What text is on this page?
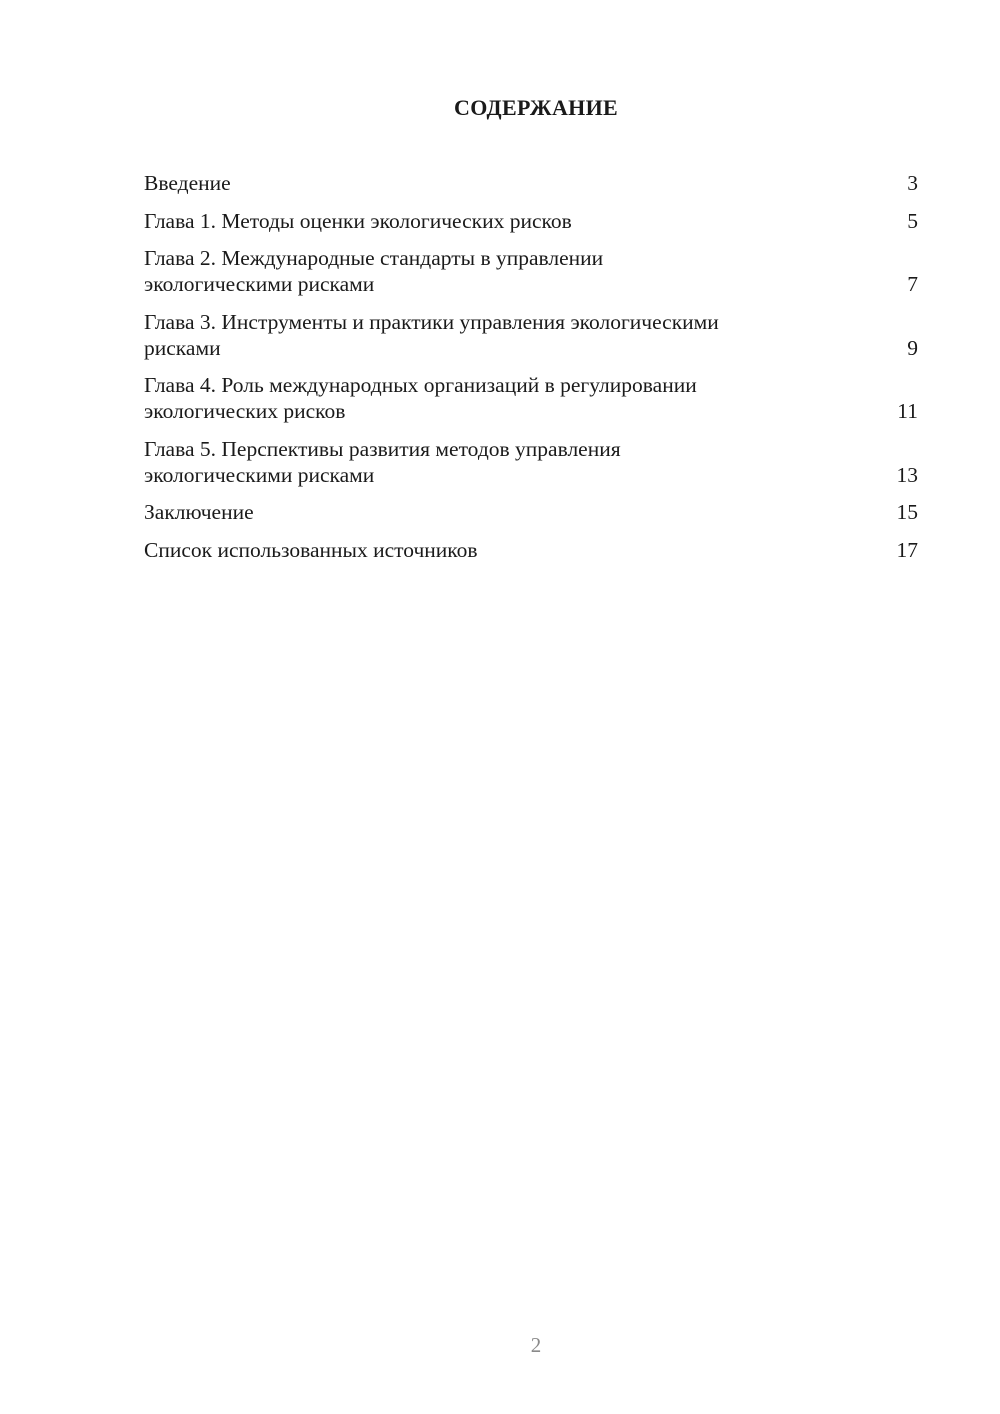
СОДЕРЖАНИЕ
Введение	3
Глава 1. Методы оценки экологических рисков	5
Глава 2. Международные стандарты в управлении
экологическими рисками	7
Глава 3. Инструменты и практики управления экологическими
рисками	9
Глава 4. Роль международных организаций в регулировании
экологических рисков	11
Глава 5. Перспективы развития методов управления
экологическими рисками	13
Заключение	15
Список использованных источников	17
2
